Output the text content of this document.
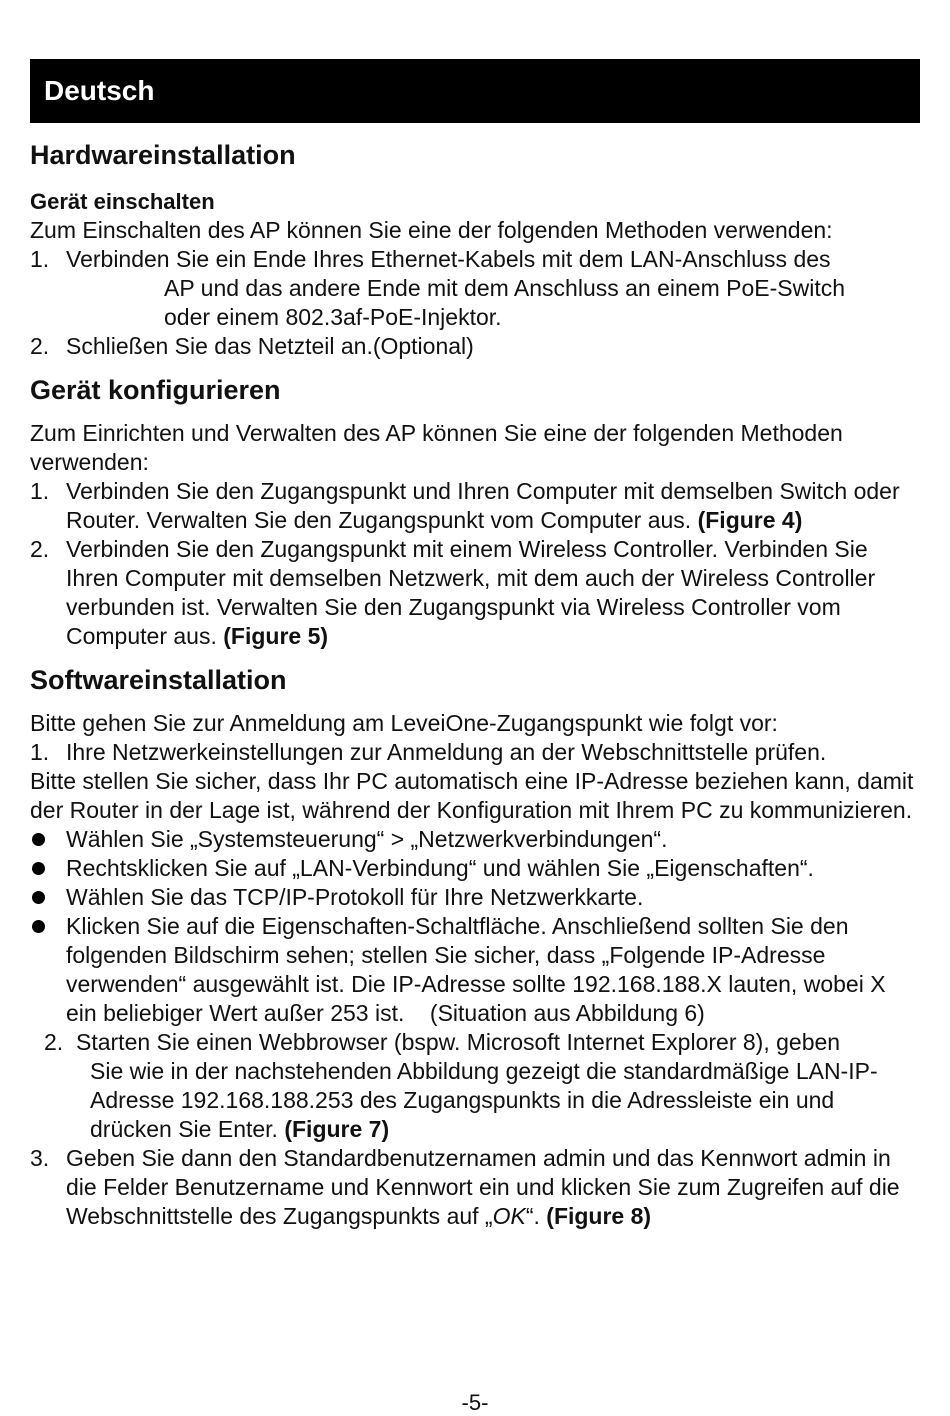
Deutsch
Hardwareinstallation
Gerät einschalten

Zum Einschalten des AP können Sie eine der folgenden Methoden verwenden:

1. Verbinden Sie ein Ende Ihres Ethernet-Kabels mit dem LAN-Anschluss des
AP und das andere Ende mit dem Anschluss an einem PoE-Switch
oder einem 802.3af-PoE-Injektor.
2. Schließen Sie das Netzteil an.(Optional)
Gerät konfigurieren

Zum Einrichten und Verwalten des AP können Sie eine der folgenden Methoden verwenden:

1. Verbinden Sie den Zugangspunkt und Ihren Computer mit demselben Switch oder Router. Verwalten Sie den Zugangspunkt vom Computer aus. (Figure 4)
2. Verbinden Sie den Zugangspunkt mit einem Wireless Controller. Verbinden Sie Ihren Computer mit demselben Netzwerk, mit dem auch der Wireless Controller verbunden ist. Verwalten Sie den Zugangspunkt via Wireless Controller vom Computer aus. (Figure 5)
Softwareinstallation

Bitte gehen Sie zur Anmeldung am LeveiOne-Zugangspunkt wie folgt vor:

1. Ihre Netzwerkeinstellungen zur Anmeldung an der Webschnittstelle prüfen.

Bitte stellen Sie sicher, dass Ihr PC automatisch eine IP-Adresse beziehen kann, damit der Router in der Lage ist, während der Konfiguration mit Ihrem PC zu kommunizieren.

Wählen Sie „Systemsteuerung“ > „Netzwerkverbindungen“.
Rechtsklicken Sie auf „LAN-Verbindung“ und wählen Sie „Eigenschaften“.
Wählen Sie das TCP/IP-Protokoll für Ihre Netzwerkkarte.
Klicken Sie auf die Eigenschaften-Schaltfläche. Anschließend sollten Sie den folgenden Bildschirm sehen; stellen Sie sicher, dass „Folgende IP-Adresse verwenden“ ausgewählt ist. Die IP-Adresse sollte 192.168.188.X lauten, wobei X ein beliebiger Wert außer 253 ist.    (Situation aus Abbildung 6)
2. Starten Sie einen Webbrowser (bspw. Microsoft Internet Explorer 8), geben
Sie wie in der nachstehenden Abbildung gezeigt die standardmäßige LAN-IP-Adresse 192.168.188.253 des Zugangspunkts in die Adressleiste ein und drücken Sie Enter. (Figure 7)
3. Geben Sie dann den Standardbenutzernamen admin und das Kennwort admin in die Felder Benutzername und Kennwort ein und klicken Sie zum Zugreifen auf die Webschnittstelle des Zugangspunkts auf „OK“. (Figure 8)
-5-
